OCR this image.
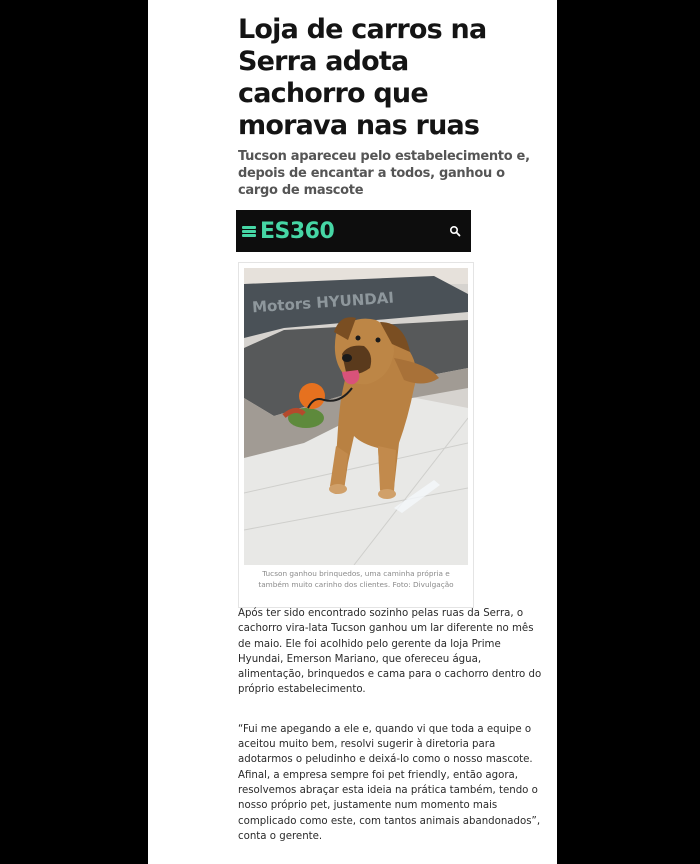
Loja de carros na Serra adota cachorro que morava nas ruas

Tucson apareceu pelo estabelecimento e, depois de encantar a todos, ganhou o cargo de mascote

ES360
Motors HYUNDAI

Tucson ganhou brinquedos, uma caminha própria e também muito carinho dos clientes. Foto: Divulgação

Após ter sido encontrado sozinho pelas ruas da Serra, o cachorro vira-lata Tucson ganhou um lar diferente no mês de maio. Ele foi acolhido pelo gerente da loja Prime Hyundai, Emerson Mariano, que ofereceu água, alimentação, brinquedos e cama para o cachorro dentro do próprio estabelecimento.

“Fui me apegando a ele e, quando vi que toda a equipe o aceitou muito bem, resolvi sugerir à diretoria para adotarmos o peludinho e deixá-lo como o nosso mascote. Afinal, a empresa sempre foi pet friendly, então agora, resolvemos abraçar esta ideia na prática também, tendo o nosso próprio pet, justamente num momento mais complicado como este, com tantos animais abandonados”, conta o gerente.
